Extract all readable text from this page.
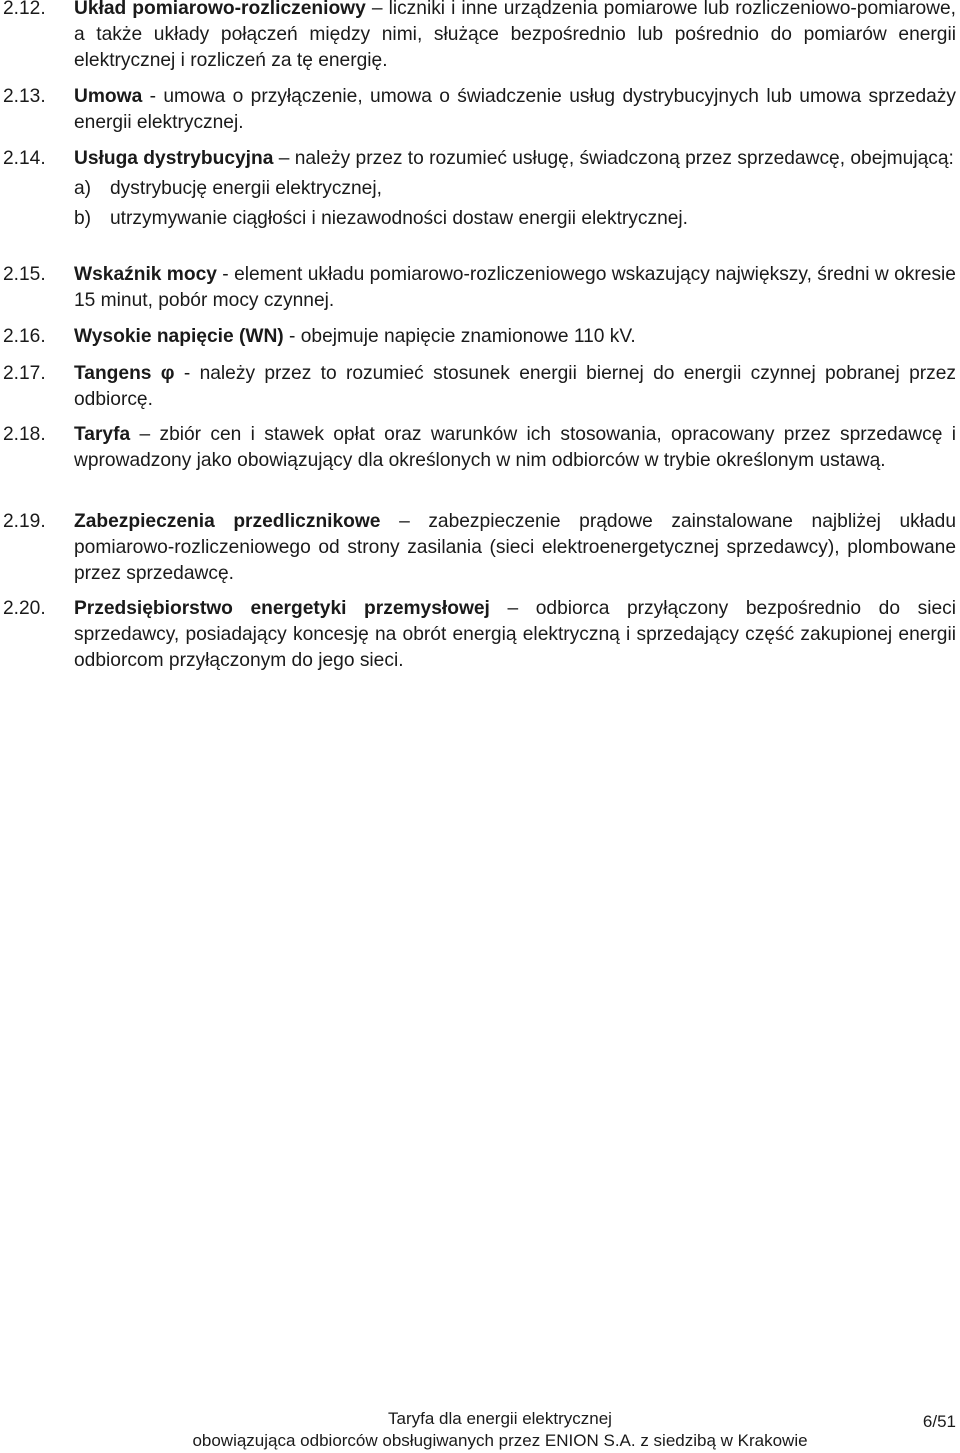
2.12. Układ pomiarowo-rozliczeniowy – liczniki i inne urządzenia pomiarowe lub rozliczeniowo-pomiarowe, a także układy połączeń między nimi, służące bezpośrednio lub pośrednio do pomiarów energii elektrycznej i rozliczeń za tę energię.
2.13. Umowa - umowa o przyłączenie, umowa o świadczenie usług dystrybucyjnych lub umowa sprzedaży energii elektrycznej.
2.14. Usługa dystrybucyjna – należy przez to rozumieć usługę, świadczoną przez sprzedawcę, obejmującą:
a) dystrybucję energii elektrycznej,
b) utrzymywanie ciągłości i niezawodności dostaw energii elektrycznej.
2.15. Wskaźnik mocy - element układu pomiarowo-rozliczeniowego wskazujący największy, średni w okresie 15 minut, pobór mocy czynnej.
2.16. Wysokie napięcie (WN) - obejmuje napięcie znamionowe 110 kV.
2.17. Tangens φ - należy przez to rozumieć stosunek energii biernej do energii czynnej pobranej przez odbiorcę.
2.18. Taryfa – zbiór cen i stawek opłat oraz warunków ich stosowania, opracowany przez sprzedawcę i wprowadzony jako obowiązujący dla określonych w nim odbiorców w trybie określonym ustawą.
2.19. Zabezpieczenia przedlicznikowe – zabezpieczenie prądowe zainstalowane najbliżej układu pomiarowo-rozliczeniowego od strony zasilania (sieci elektroenergetycznej sprzedawcy), plombowane przez sprzedawcę.
2.20. Przedsiębiorstwo energetyki przemysłowej – odbiorca przyłączony bezpośrednio do sieci sprzedawcy, posiadający koncesję na obrót energią elektryczną i sprzedający część zakupionej energii odbiorcom przyłączonym do jego sieci.
Taryfa dla energii elektrycznej
obowiązująca odbiorców obsługiwanych przez ENION S.A. z siedzibą w Krakowie
6/51
